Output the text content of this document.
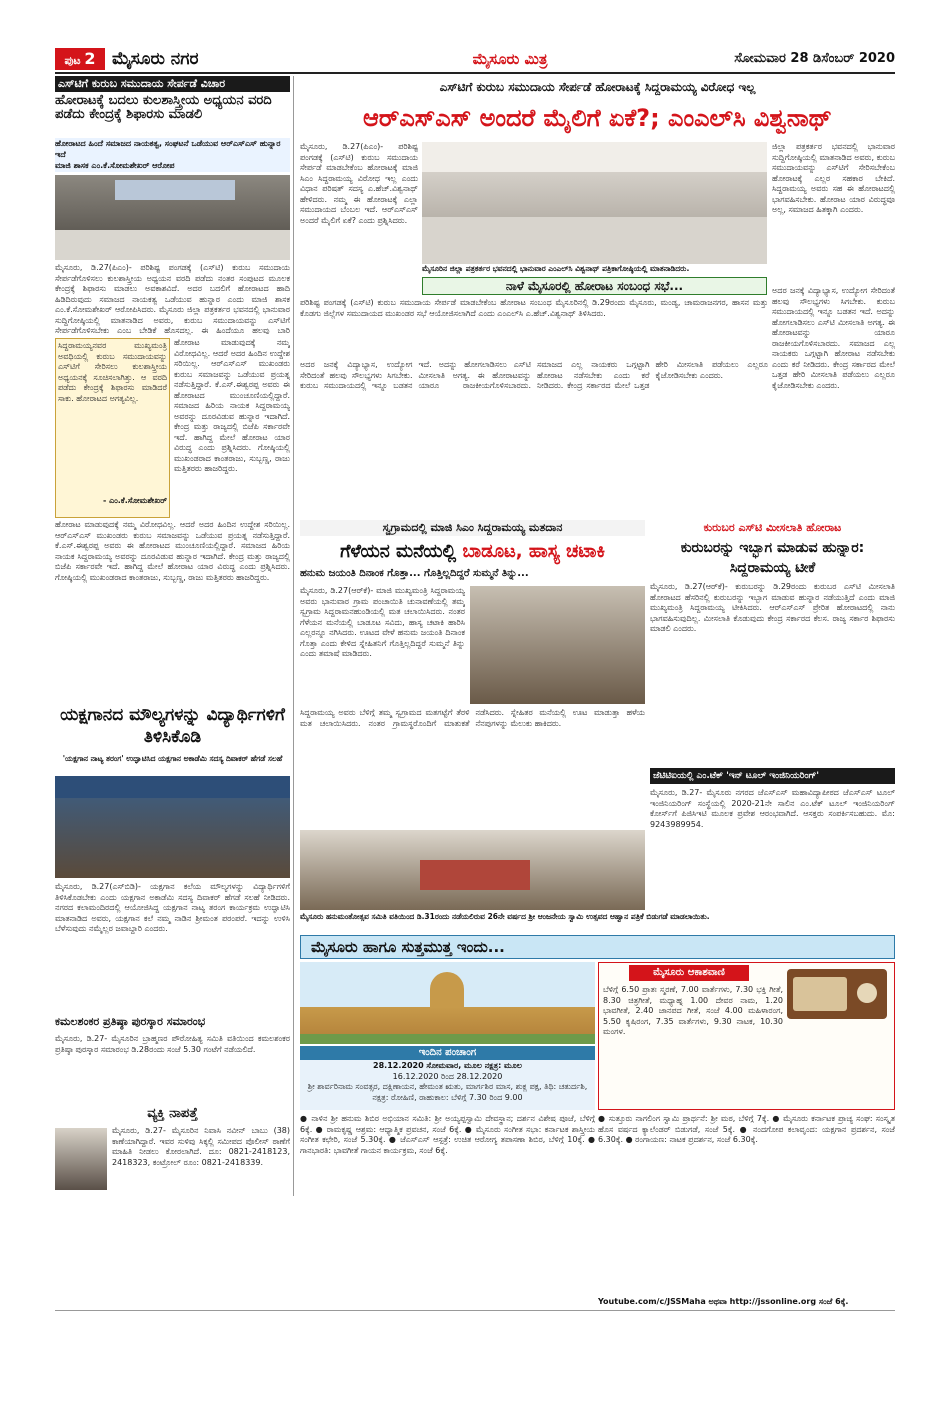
ಪುಟ 2 ಮೈಸೂರು ನಗರ	ಮೈಸೂರು ಮಿತ್ರ	ಸೋಮವಾರ 28 ಡಿಸೆಂಬರ್ 2020
ಎಸ್‌ಟಿಗೆ ಕುರುಬ ಸಮುದಾಯ ಸೇರ್ಪಡೆ ವಿಚಾರ
ಹೋರಾಟಕ್ಕೆ ಬದಲು ಕುಲಶಾಸ್ತ್ರೀಯ ಅಧ್ಯಯನ ವರದಿ ಪಡೆದು ಕೇಂದ್ರಕ್ಕೆ ಶಿಫಾರಸು ಮಾಡಲಿ
ಹೋರಾಟದ ಹಿಂದೆ ಸಮಾಜದ ನಾಯಕತ್ವ, ಸಂಘಟನೆ ಒಡೆಯುವ ಆರ್‌ಎಸ್‌ಎಸ್ ಹುನ್ನಾರ ಇದೆ
ಮಾಜಿ ಶಾಸಕ ಎಂ.ಕೆ.ಸೋಮಶೇಖರ್ ಆರೋಪ
ಮೈಸೂರು, ಡಿ.27(ಪಿಎಂ)- ಪರಿಶಿಷ್ಟ ಪಂಗಡಕ್ಕೆ (ಎಸ್‌ಟಿ) ಕುರುಬ ಸಮುದಾಯ ಸೇರ್ಪಡೆಗೊಳಿಸಲು ಕುಲಶಾಸ್ತ್ರೀಯ ಅಧ್ಯಯನ ವರದಿ ಪಡೆದು ನಂತರ ಸಂಪುಟದ ಮೂಲಕ ಕೇಂದ್ರಕ್ಕೆ ಶಿಫಾರಸು ಮಾಡಲು ಅವಕಾಶವಿದೆ. ಅದರ ಬದಲಿಗೆ ಹೋರಾಟದ ಹಾದಿ ಹಿಡಿದಿರುವುದು ಸಮಾಜದ ನಾಯಕತ್ವ ಒಡೆಯುವ ಹುನ್ನಾರ ಎಂದು ಮಾಜಿ ಶಾಸಕ ಎಂ.ಕೆ.ಸೋಮಶೇಖರ್ ಆರೋಪಿಸಿದರು. ಮೈಸೂರು ಜಿಲ್ಲಾ ಪತ್ರಕರ್ತರ ಭವನದಲ್ಲಿ ಭಾನುವಾರ ಸುದ್ದಿಗೋಷ್ಠಿಯಲ್ಲಿ ಮಾತನಾಡಿದ ಅವರು, ಕುರುಬ ಸಮುದಾಯವನ್ನು ಎಸ್‌ಟಿಗೆ ಸೇರ್ಪಡೆಗೊಳಿಸಬೇಕು ಎಂಬ ಬೇಡಿಕೆ ಹೊಸದಲ್ಲ. ಈ ಹಿಂದೆಯೂ ಹಲವು ಬಾರಿ
ಸಿದ್ದರಾಮಯ್ಯನವರ ಮುಖ್ಯಮಂತ್ರಿ ಅವಧಿಯಲ್ಲಿ ಕುರುಬ ಸಮುದಾಯವನ್ನು ಎಸ್‌ಟಿಗೆ ಸೇರಿಸಲು ಕುಲಶಾಸ್ತ್ರೀಯ ಅಧ್ಯಯನಕ್ಕೆ ಸೂಚಿಸಲಾಗಿತ್ತು. ಆ ವರದಿ ಪಡೆದು ಕೇಂದ್ರಕ್ಕೆ ಶಿಫಾರಸು ಮಾಡಿದರೆ ಸಾಕು. ಹೋರಾಟದ ಅಗತ್ಯವಿಲ್ಲ.
- ಎಂ.ಕೆ.ಸೋಮಶೇಖರ್
ಹೋರಾಟ ಮಾಡುವುದಕ್ಕೆ ನಮ್ಮ ವಿರೋಧವಿಲ್ಲ. ಆದರೆ ಅದರ ಹಿಂದಿನ ಉದ್ದೇಶ ಸರಿಯಿಲ್ಲ. ಆರ್‌ಎಸ್‌ಎಸ್ ಮುಖಂಡರು ಕುರುಬ ಸಮಾಜವನ್ನು ಒಡೆಯುವ ಪ್ರಯತ್ನ ನಡೆಸುತ್ತಿದ್ದಾರೆ. ಕೆ.ಎಸ್.ಈಶ್ವರಪ್ಪ ಅವರು ಈ ಹೋರಾಟದ ಮುಂಚೂಣಿಯಲ್ಲಿದ್ದಾರೆ. ಸಮಾಜದ ಹಿರಿಯ ನಾಯಕ ಸಿದ್ದರಾಮಯ್ಯ ಅವರನ್ನು ದೂರವಿಡುವ ಹುನ್ನಾರ ಇದಾಗಿದೆ. ಕೇಂದ್ರ ಮತ್ತು ರಾಜ್ಯದಲ್ಲಿ ಬಿಜೆಪಿ ಸರ್ಕಾರವೇ ಇದೆ. ಹಾಗಿದ್ದ ಮೇಲೆ ಹೋರಾಟ ಯಾರ ವಿರುದ್ಧ ಎಂದು ಪ್ರಶ್ನಿಸಿದರು. ಗೋಷ್ಠಿಯಲ್ಲಿ ಮುಖಂಡರಾದ ಕಾಂತರಾಜು, ಸುಬ್ಬಣ್ಣ, ರಾಜು ಮತ್ತಿತರರು ಹಾಜರಿದ್ದರು.
ಹೋರಾಟ ಮಾಡುವುದಕ್ಕೆ ನಮ್ಮ ವಿರೋಧವಿಲ್ಲ. ಆದರೆ ಅದರ ಹಿಂದಿನ ಉದ್ದೇಶ ಸರಿಯಿಲ್ಲ. ಆರ್‌ಎಸ್‌ಎಸ್ ಮುಖಂಡರು ಕುರುಬ ಸಮಾಜವನ್ನು ಒಡೆಯುವ ಪ್ರಯತ್ನ ನಡೆಸುತ್ತಿದ್ದಾರೆ. ಕೆ.ಎಸ್.ಈಶ್ವರಪ್ಪ ಅವರು ಈ ಹೋರಾಟದ ಮುಂಚೂಣಿಯಲ್ಲಿದ್ದಾರೆ. ಸಮಾಜದ ಹಿರಿಯ ನಾಯಕ ಸಿದ್ದರಾಮಯ್ಯ ಅವರನ್ನು ದೂರವಿಡುವ ಹುನ್ನಾರ ಇದಾಗಿದೆ. ಕೇಂದ್ರ ಮತ್ತು ರಾಜ್ಯದಲ್ಲಿ ಬಿಜೆಪಿ ಸರ್ಕಾರವೇ ಇದೆ. ಹಾಗಿದ್ದ ಮೇಲೆ ಹೋರಾಟ ಯಾರ ವಿರುದ್ಧ ಎಂದು ಪ್ರಶ್ನಿಸಿದರು. ಗೋಷ್ಠಿಯಲ್ಲಿ ಮುಖಂಡರಾದ ಕಾಂತರಾಜು, ಸುಬ್ಬಣ್ಣ, ರಾಜು ಮತ್ತಿತರರು ಹಾಜರಿದ್ದರು.
ಯಕ್ಷಗಾನದ ಮೌಲ್ಯಗಳನ್ನು ವಿದ್ಯಾರ್ಥಿಗಳಿಗೆ ತಿಳಿಸಿಕೊಡಿ
'ಯಕ್ಷಗಾನ ನಾಟ್ಯ ತರಂಗ' ಉದ್ಘಾಟಿಸಿದ ಯಕ್ಷಗಾನ ಅಕಾಡೆಮಿ ಸದಸ್ಯ ದಿವಾಕರ್ ಹೆಗಡೆ ಸಲಹೆ
ಮೈಸೂರು, ಡಿ.27(ಎಸ್‌ಬಿಡಿ)- ಯಕ್ಷಗಾನ ಕಲೆಯ ಮೌಲ್ಯಗಳನ್ನು ವಿದ್ಯಾರ್ಥಿಗಳಿಗೆ ತಿಳಿಸಿಕೊಡಬೇಕು ಎಂದು ಯಕ್ಷಗಾನ ಅಕಾಡೆಮಿ ಸದಸ್ಯ ದಿವಾಕರ್ ಹೆಗಡೆ ಸಲಹೆ ನೀಡಿದರು. ನಗರದ ಕಲಾಮಂದಿರದಲ್ಲಿ ಆಯೋಜಿಸಿದ್ದ ಯಕ್ಷಗಾನ ನಾಟ್ಯ ತರಂಗ ಕಾರ್ಯಕ್ರಮ ಉದ್ಘಾಟಿಸಿ ಮಾತನಾಡಿದ ಅವರು, ಯಕ್ಷಗಾನ ಕಲೆ ನಮ್ಮ ನಾಡಿನ ಶ್ರೀಮಂತ ಪರಂಪರೆ. ಇದನ್ನು ಉಳಿಸಿ ಬೆಳೆಸುವುದು ನಮ್ಮೆಲ್ಲರ ಜವಾಬ್ದಾರಿ ಎಂದರು.
ಕಮಲಶಂಕರ ಪ್ರತಿಷ್ಠಾ ಪುರಸ್ಕಾರ ಸಮಾರಂಭ
ಮೈಸೂರು, ಡಿ.27- ಮೈಸೂರಿನ ಬ್ರಾಹ್ಮಣರ ಪೌರೋಹಿತ್ಯ ಸಮಿತಿ ವತಿಯಿಂದ ಕಮಲಶಂಕರ ಪ್ರತಿಷ್ಠಾ ಪುರಸ್ಕಾರ ಸಮಾರಂಭ ಡಿ.28ರಂದು ಸಂಜೆ 5.30 ಗಂಟೆಗೆ ನಡೆಯಲಿದೆ.
ವ್ಯಕ್ತಿ ನಾಪತ್ತೆ
ಮೈಸೂರು, ಡಿ.27- ಮೈಸೂರಿನ ನಿವಾಸಿ ನವೀನ್ ಬಾಬು (38) ಕಾಣೆಯಾಗಿದ್ದಾರೆ. ಇವರ ಸುಳಿವು ಸಿಕ್ಕಲ್ಲಿ ಸಮೀಪದ ಪೊಲೀಸ್ ಠಾಣೆಗೆ ಮಾಹಿತಿ ನೀಡಲು ಕೋರಲಾಗಿದೆ. ದೂ: 0821-2418123, 2418323, ಕಂಟ್ರೋಲ್ ರೂಂ: 0821-2418339.
ಎಸ್‌ಟಿಗೆ ಕುರುಬ ಸಮುದಾಯ ಸೇರ್ಪಡೆ ಹೋರಾಟಕ್ಕೆ ಸಿದ್ದರಾಮಯ್ಯ ವಿರೋಧ ಇಲ್ಲ
ಆರ್‌ಎಸ್‌ಎಸ್ ಅಂದರೆ ಮೈಲಿಗೆ ಏಕೆ?; ಎಂಎಲ್‌ಸಿ ವಿಶ್ವನಾಥ್
ಮೈಸೂರು, ಡಿ.27(ಪಿಎಂ)- ಪರಿಶಿಷ್ಟ ಪಂಗಡಕ್ಕೆ (ಎಸ್‌ಟಿ) ಕುರುಬ ಸಮುದಾಯ ಸೇರ್ಪಡೆ ಮಾಡಬೇಕೆಂಬ ಹೋರಾಟಕ್ಕೆ ಮಾಜಿ ಸಿಎಂ ಸಿದ್ದರಾಮಯ್ಯ ವಿರೋಧ ಇಲ್ಲ ಎಂದು ವಿಧಾನ ಪರಿಷತ್ ಸದಸ್ಯ ಎ.ಹೆಚ್.ವಿಶ್ವನಾಥ್ ಹೇಳಿದರು. ನಮ್ಮ ಈ ಹೋರಾಟಕ್ಕೆ ಎಲ್ಲಾ ಸಮುದಾಯದ ಬೆಂಬಲ ಇದೆ. ಆರ್‌ಎಸ್‌ಎಸ್ ಅಂದರೆ ಮೈಲಿಗೆ ಏಕೆ? ಎಂದು ಪ್ರಶ್ನಿಸಿದರು.
ಮೈಸೂರಿನ ಜಿಲ್ಲಾ ಪತ್ರಕರ್ತರ ಭವನದಲ್ಲಿ ಭಾನುವಾರ ಎಂಎಲ್‌ಸಿ ವಿಶ್ವನಾಥ್ ಪತ್ರಿಕಾಗೋಷ್ಠಿಯಲ್ಲಿ ಮಾತನಾಡಿದರು.
ಜಿಲ್ಲಾ ಪತ್ರಕರ್ತರ ಭವನದಲ್ಲಿ ಭಾನುವಾರ ಸುದ್ದಿಗೋಷ್ಠಿಯಲ್ಲಿ ಮಾತನಾಡಿದ ಅವರು, ಕುರುಬ ಸಮುದಾಯವನ್ನು ಎಸ್‌ಟಿಗೆ ಸೇರಿಸಬೇಕೆಂಬ ಹೋರಾಟಕ್ಕೆ ಎಲ್ಲರ ಸಹಕಾರ ಬೇಕಿದೆ. ಸಿದ್ದರಾಮಯ್ಯ ಅವರು ಸಹ ಈ ಹೋರಾಟದಲ್ಲಿ ಭಾಗವಹಿಸಬೇಕು. ಹೋರಾಟ ಯಾರ ವಿರುದ್ಧವೂ ಅಲ್ಲ, ಸಮಾಜದ ಹಿತಕ್ಕಾಗಿ ಎಂದರು.
ನಾಳೆ ಮೈಸೂರಲ್ಲಿ ಹೋರಾಟ ಸಂಬಂಧ ಸಭೆ...
ಪರಿಶಿಷ್ಟ ಪಂಗಡಕ್ಕೆ (ಎಸ್‌ಟಿ) ಕುರುಬ ಸಮುದಾಯ ಸೇರ್ಪಡೆ ಮಾಡಬೇಕೆಂಬ ಹೋರಾಟ ಸಂಬಂಧ ಮೈಸೂರಿನಲ್ಲಿ ಡಿ.29ರಂದು ಮೈಸೂರು, ಮಂಡ್ಯ, ಚಾಮರಾಜನಗರ, ಹಾಸನ ಮತ್ತು ಕೊಡಗು ಜಿಲ್ಲೆಗಳ ಸಮುದಾಯದ ಮುಖಂಡರ ಸಭೆ ಆಯೋಜಿಸಲಾಗಿದೆ ಎಂದು ಎಂಎಲ್‌ಸಿ ಎ.ಹೆಚ್.ವಿಶ್ವನಾಥ್ ತಿಳಿಸಿದರು.
ಅದರ ಜನಕ್ಕೆ ವಿದ್ಯಾಭ್ಯಾಸ, ಉದ್ಯೋಗ ಸೇರಿದಂತೆ ಹಲವು ಸೌಲಭ್ಯಗಳು ಸಿಗಬೇಕು. ಕುರುಬ ಸಮುದಾಯದಲ್ಲಿ ಇನ್ನೂ ಬಡತನ ಇದೆ. ಅದನ್ನು ಹೋಗಲಾಡಿಸಲು ಎಸ್‌ಟಿ ಮೀಸಲಾತಿ ಅಗತ್ಯ. ಈ ಹೋರಾಟವನ್ನು ಯಾರೂ ರಾಜಕೀಯಗೊಳಿಸಬಾರದು. ಸಮಾಜದ ಎಲ್ಲ ನಾಯಕರು ಒಗ್ಗಟ್ಟಾಗಿ ಹೋರಾಟ ನಡೆಸಬೇಕು ಎಂದು ಕರೆ ನೀಡಿದರು. ಕೇಂದ್ರ ಸರ್ಕಾರದ ಮೇಲೆ ಒತ್ತಡ ಹೇರಿ ಮೀಸಲಾತಿ ಪಡೆಯಲು ಎಲ್ಲರೂ ಕೈಜೋಡಿಸಬೇಕು ಎಂದರು.
ಅದರ ಜನಕ್ಕೆ ವಿದ್ಯಾಭ್ಯಾಸ, ಉದ್ಯೋಗ ಸೇರಿದಂತೆ ಹಲವು ಸೌಲಭ್ಯಗಳು ಸಿಗಬೇಕು. ಕುರುಬ ಸಮುದಾಯದಲ್ಲಿ ಇನ್ನೂ ಬಡತನ ಇದೆ. ಅದನ್ನು ಹೋಗಲಾಡಿಸಲು ಎಸ್‌ಟಿ ಮೀಸಲಾತಿ ಅಗತ್ಯ. ಈ ಹೋರಾಟವನ್ನು ಯಾರೂ ರಾಜಕೀಯಗೊಳಿಸಬಾರದು. ಸಮಾಜದ ಎಲ್ಲ ನಾಯಕರು ಒಗ್ಗಟ್ಟಾಗಿ ಹೋರಾಟ ನಡೆಸಬೇಕು ಎಂದು ಕರೆ ನೀಡಿದರು. ಕೇಂದ್ರ ಸರ್ಕಾರದ ಮೇಲೆ ಒತ್ತಡ ಹೇರಿ ಮೀಸಲಾತಿ ಪಡೆಯಲು ಎಲ್ಲರೂ ಕೈಜೋಡಿಸಬೇಕು ಎಂದರು.
ಸ್ವಗ್ರಾಮದಲ್ಲಿ ಮಾಜಿ ಸಿಎಂ ಸಿದ್ದರಾಮಯ್ಯ ಮತದಾನ
ಗೆಳೆಯನ ಮನೆಯಲ್ಲಿ ಬಾಡೂಟ, ಹಾಸ್ಯ ಚಟಾಕಿ
ಹನುಮ ಜಯಂತಿ ದಿನಾಂಕ ಗೊತ್ತಾ... ಗೊತ್ತಿಲ್ಲದಿದ್ದರೆ ಸುಮ್ಮನೆ ತಿನ್ನು...
ಮೈಸೂರು, ಡಿ.27(ಆರ್‌ಕೆ)- ಮಾಜಿ ಮುಖ್ಯಮಂತ್ರಿ ಸಿದ್ದರಾಮಯ್ಯ ಅವರು ಭಾನುವಾರ ಗ್ರಾಮ ಪಂಚಾಯಿತಿ ಚುನಾವಣೆಯಲ್ಲಿ ತಮ್ಮ ಸ್ವಗ್ರಾಮ ಸಿದ್ದರಾಮನಹುಂಡಿಯಲ್ಲಿ ಮತ ಚಲಾಯಿಸಿದರು. ನಂತರ ಗೆಳೆಯನ ಮನೆಯಲ್ಲಿ ಬಾಡೂಟ ಸವಿದು, ಹಾಸ್ಯ ಚಟಾಕಿ ಹಾರಿಸಿ ಎಲ್ಲರನ್ನೂ ನಗಿಸಿದರು. ಊಟದ ವೇಳೆ ಹನುಮ ಜಯಂತಿ ದಿನಾಂಕ ಗೊತ್ತಾ ಎಂದು ಕೇಳಿದ ಸ್ನೇಹಿತನಿಗೆ ಗೊತ್ತಿಲ್ಲದಿದ್ದರೆ ಸುಮ್ಮನೆ ತಿನ್ನು ಎಂದು ತಮಾಷೆ ಮಾಡಿದರು.
ಸಿದ್ದರಾಮಯ್ಯ ಅವರು ಬೆಳಿಗ್ಗೆ ತಮ್ಮ ಸ್ವಗ್ರಾಮದ ಮತಗಟ್ಟೆಗೆ ತೆರಳಿ ಮತ ಚಲಾಯಿಸಿದರು. ನಂತರ ಗ್ರಾಮಸ್ಥರೊಂದಿಗೆ ಮಾತುಕತೆ ನಡೆಸಿದರು. ಸ್ನೇಹಿತರ ಮನೆಯಲ್ಲಿ ಊಟ ಮಾಡುತ್ತಾ ಹಳೆಯ ನೆನಪುಗಳನ್ನು ಮೆಲುಕು ಹಾಕಿದರು.
ಕುರುಬರ ಎಸ್‌ಟಿ ಮೀಸಲಾತಿ ಹೋರಾಟ
ಕುರುಬರನ್ನು ಇಬ್ಭಾಗ ಮಾಡುವ ಹುನ್ನಾರ: ಸಿದ್ದರಾಮಯ್ಯ ಟೀಕೆ
ಮೈಸೂರು, ಡಿ.27(ಆರ್‌ಕೆ)- ಕುರುಬರನ್ನು ಡಿ.29ರಂದು ಕುರುಬರ ಎಸ್‌ಟಿ ಮೀಸಲಾತಿ ಹೋರಾಟದ ಹೆಸರಿನಲ್ಲಿ ಕುರುಬರನ್ನು ಇಬ್ಭಾಗ ಮಾಡುವ ಹುನ್ನಾರ ನಡೆಯುತ್ತಿದೆ ಎಂದು ಮಾಜಿ ಮುಖ್ಯಮಂತ್ರಿ ಸಿದ್ದರಾಮಯ್ಯ ಟೀಕಿಸಿದರು. ಆರ್‌ಎಸ್‌ಎಸ್ ಪ್ರೇರಿತ ಹೋರಾಟದಲ್ಲಿ ನಾನು ಭಾಗವಹಿಸುವುದಿಲ್ಲ. ಮೀಸಲಾತಿ ಕೊಡುವುದು ಕೇಂದ್ರ ಸರ್ಕಾರದ ಕೆಲಸ. ರಾಜ್ಯ ಸರ್ಕಾರ ಶಿಫಾರಸು ಮಾಡಲಿ ಎಂದರು.
ಜೆಟಿಟಿಐಯಲ್ಲಿ ಎಂ.ಟೆಕ್ 'ಇನ್ ಟೂಲ್ ಇಂಜಿನಿಯರಿಂಗ್'
ಮೈಸೂರು, ಡಿ.27- ಮೈಸೂರು ನಗರದ ಜೆಎಸ್‌ಎಸ್ ಮಹಾವಿದ್ಯಾಪೀಠದ ಜೆಎಸ್‌ಎಸ್ ಟೂಲ್ ಇಂಜಿನಿಯರಿಂಗ್ ಸಂಸ್ಥೆಯಲ್ಲಿ 2020-21ನೇ ಸಾಲಿನ ಎಂ.ಟೆಕ್ ಟೂಲ್ ಇಂಜಿನಿಯರಿಂಗ್ ಕೋರ್ಸ್‌ಗೆ ಪಿಜಿಸಿಇಟಿ ಮೂಲಕ ಪ್ರವೇಶ ಆರಂಭವಾಗಿದೆ. ಆಸಕ್ತರು ಸಂಪರ್ಕಿಸಬಹುದು. ಮೊ: 9243989954.
ಮೈಸೂರು ಹನುಮಂತೋತ್ಸವ ಸಮಿತಿ ವತಿಯಿಂದ ಡಿ.31ರಂದು ನಡೆಯಲಿರುವ 26ನೇ ವರ್ಷದ ಶ್ರೀ ಆಂಜನೇಯ ಸ್ವಾಮಿ ಉತ್ಸವದ ಆಹ್ವಾನ ಪತ್ರಿಕೆ ಬಿಡುಗಡೆ ಮಾಡಲಾಯಿತು.
ಮೈಸೂರು ಹಾಗೂ ಸುತ್ತಮುತ್ತ ಇಂದು...
ಮೈಸೂರು ಆಕಾಶವಾಣಿ
ಬೆಳಿಗ್ಗೆ 6.50 ಪ್ರಾತಃ ಸ್ಮರಣೆ, 7.00 ವಾರ್ತೆಗಳು, 7.30 ಭಕ್ತಿ ಗೀತೆ, 8.30 ಚಿತ್ರಗೀತೆ, ಮಧ್ಯಾಹ್ನ 1.00 ದೇವರ ನಾಮ, 1.20 ಭಾವಗೀತೆ, 2.40 ಜಾನಪದ ಗೀತೆ, ಸಂಜೆ 4.00 ಮಹಿಳಾರಂಗ, 5.50 ಕೃಷಿರಂಗ, 7.35 ವಾರ್ತೆಗಳು, 9.30 ನಾಟಕ, 10.30 ಮಂಗಳ.
ಇಂದಿನ ಪಂಚಾಂಗ
28.12.2020 ಸೋಮವಾರ, ಮೂಲ ನಕ್ಷತ್ರ: ಮೂಲ
16.12.2020 ರಿಂದ 28.12.2020
ಶ್ರೀ ಶಾರ್ವರಿನಾಮ ಸಂವತ್ಸರ, ದಕ್ಷಿಣಾಯನ, ಹೇಮಂತ ಋತು, ಮಾರ್ಗಶಿರ ಮಾಸ, ಶುಕ್ಲ ಪಕ್ಷ, ತಿಥಿ: ಚತುರ್ದಶಿ, ನಕ್ಷತ್ರ: ರೋಹಿಣಿ, ರಾಹುಕಾಲ: ಬೆಳಿಗ್ಗೆ 7.30 ರಿಂದ 9.00
● ನಾಳಿನ ಶ್ರೀ ಹನುಮ ಶಿಬಿರ ಅಭಿಯಾನ ಸಮಿತಿ: ಶ್ರೀ ಅಯ್ಯಪ್ಪಸ್ವಾಮಿ ದೇವಸ್ಥಾನ; ದರ್ಶನ ವಿಶೇಷ ಪೂಜೆ, ಬೆಳಿಗ್ಗೆ 6ಕ್ಕೆ. ● ರಾಮಕೃಷ್ಣ ಆಶ್ರಮ: ಆಧ್ಯಾತ್ಮಿಕ ಪ್ರವಚನ, ಸಂಜೆ 6ಕ್ಕೆ. ● ಮೈಸೂರು ಸಂಗೀತ ಸಭಾ: ಕರ್ನಾಟಕ ಶಾಸ್ತ್ರೀಯ ಸಂಗೀತ ಕಛೇರಿ, ಸಂಜೆ 5.30ಕ್ಕೆ. ● ಜೆಎಸ್‌ಎಸ್ ಆಸ್ಪತ್ರೆ: ಉಚಿತ ಆರೋಗ್ಯ ತಪಾಸಣಾ ಶಿಬಿರ, ಬೆಳಿಗ್ಗೆ 10ಕ್ಕೆ. ● ಗಾನಭಾರತಿ: ಭಾವಗೀತೆ ಗಾಯನ ಕಾರ್ಯಕ್ರಮ, ಸಂಜೆ 6ಕ್ಕೆ.
● ಸುತ್ತೂರು ನಾಗಲಿಂಗ ಸ್ವಾಮಿ ಪ್ರಾರ್ಥನೆ: ಶ್ರೀ ಮಠ, ಬೆಳಿಗ್ಗೆ 7ಕ್ಕೆ. ● ಮೈಸೂರು ಕರ್ನಾಟಕ ಪ್ರಾಚ್ಯ ಸಂಘ: ಸಂಸ್ಕೃತ ಹೊಸ ವರ್ಷದ ಕ್ಯಾಲೆಂಡರ್ ಬಿಡುಗಡೆ, ಸಂಜೆ 5ಕ್ಕೆ. ● ನಂದಗೋಪ ಕಲಾವೃಂದ: ಯಕ್ಷಗಾನ ಪ್ರದರ್ಶನ, ಸಂಜೆ 6.30ಕ್ಕೆ. ● ರಂಗಾಯಣ: ನಾಟಕ ಪ್ರದರ್ಶನ, ಸಂಜೆ 6.30ಕ್ಕೆ.
Youtube.com/c/JSSMaha ಅಥವಾ http://jssonline.org ಸಂಜೆ 6ಕ್ಕೆ.
